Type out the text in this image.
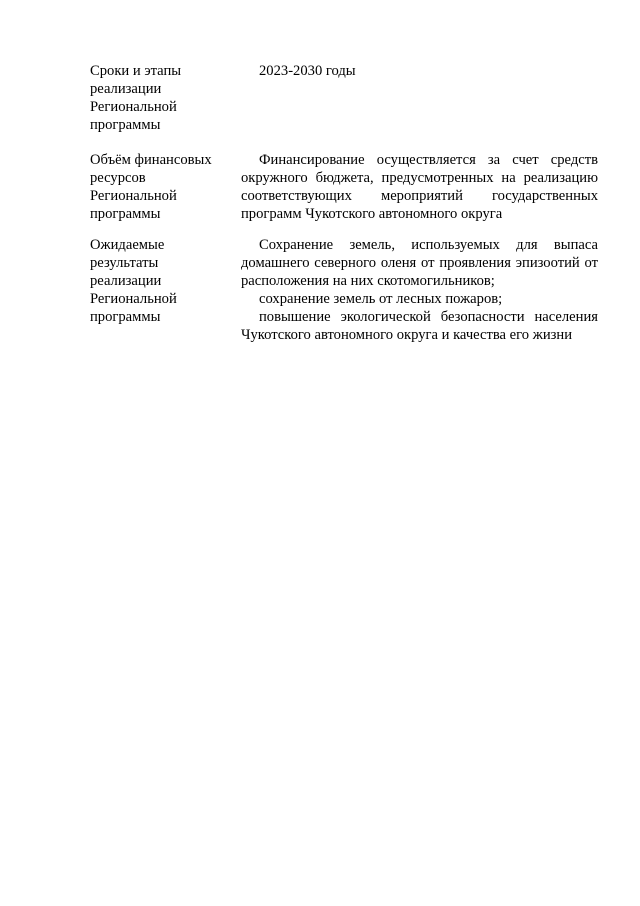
Сроки и этапы
реализации
Региональной
программы

2023-2030 годы

Объём финансовых
ресурсов
Региональной
программы

Финансирование осуществляется за счет средств окружного бюджета, предусмотренных на реализацию соответствующих мероприятий государственных программ Чукотского автономного округа

Ожидаемые
результаты
реализации
Региональной
программы

Сохранение земель, используемых для выпаса домашнего северного оленя от проявления эпизоотий от расположения на них скотомогильников;

сохранение земель от лесных пожаров;

повышение экологической безопасности населения Чукотского автономного округа и качества его жизни
